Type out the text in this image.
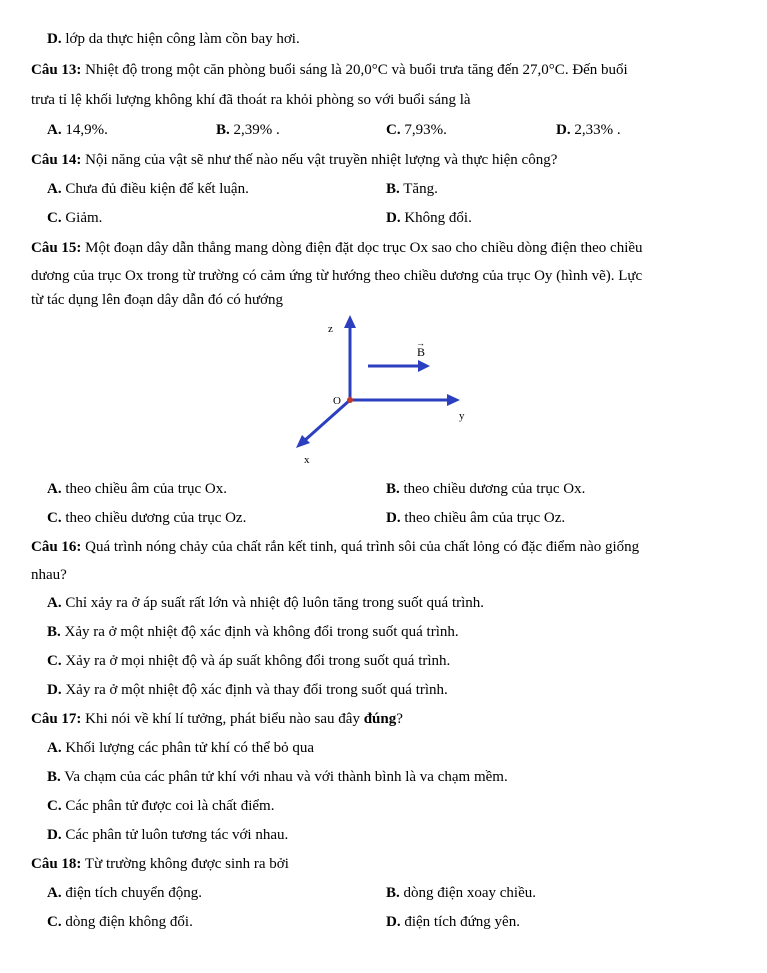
D. lớp da thực hiện công làm cồn bay hơi.
Câu 13: Nhiệt độ trong một căn phòng buổi sáng là 20,0°C và buổi trưa tăng đến 27,0°C. Đến buổi
trưa tỉ lệ khối lượng không khí đã thoát ra khỏi phòng so với buổi sáng là
A. 14,9%.	B. 2,39% .	C. 7,93%.	D. 2,33% .
Câu 14: Nội năng của vật sẽ như thế nào nếu vật truyền nhiệt lượng và thực hiện công?
A. Chưa đủ điều kiện để kết luận.	B. Tăng.
C. Giảm.	D. Không đổi.
Câu 15: Một đoạn dây dẫn thẳng mang dòng điện đặt dọc trục Ox sao cho chiều dòng điện theo chiều
dương của trục Ox trong từ trường có cảm ứng từ hướng theo chiều dương của trục Oy (hình vẽ). Lực
từ tác dụng lên đoạn dây dẫn đó có hướng
z
B
→
y
x
O
A. theo chiều âm của trục Ox.	B. theo chiều dương của trục Ox.
C. theo chiều dương của trục Oz.	D. theo chiều âm của trục Oz.
Câu 16: Quá trình nóng chảy của chất rắn kết tinh, quá trình sôi của chất lỏng có đặc điểm nào giống
nhau?
A. Chỉ xảy ra ở áp suất rất lớn và nhiệt độ luôn tăng trong suốt quá trình.
B. Xảy ra ở một nhiệt độ xác định và không đổi trong suốt quá trình.
C. Xảy ra ở mọi nhiệt độ và áp suất không đổi trong suốt quá trình.
D. Xảy ra ở một nhiệt độ xác định và thay đổi trong suốt quá trình.
Câu 17: Khi nói về khí lí tưởng, phát biểu nào sau đây đúng?
A. Khối lượng các phân tử khí có thể bỏ qua
B. Va chạm của các phân tử khí với nhau và với thành bình là va chạm mềm.
C. Các phân tử được coi là chất điểm.
D. Các phân tử luôn tương tác với nhau.
Câu 18: Từ trường không được sinh ra bởi
A. điện tích chuyển động.	B. dòng điện xoay chiều.
C. dòng điện không đổi.	D. điện tích đứng yên.
